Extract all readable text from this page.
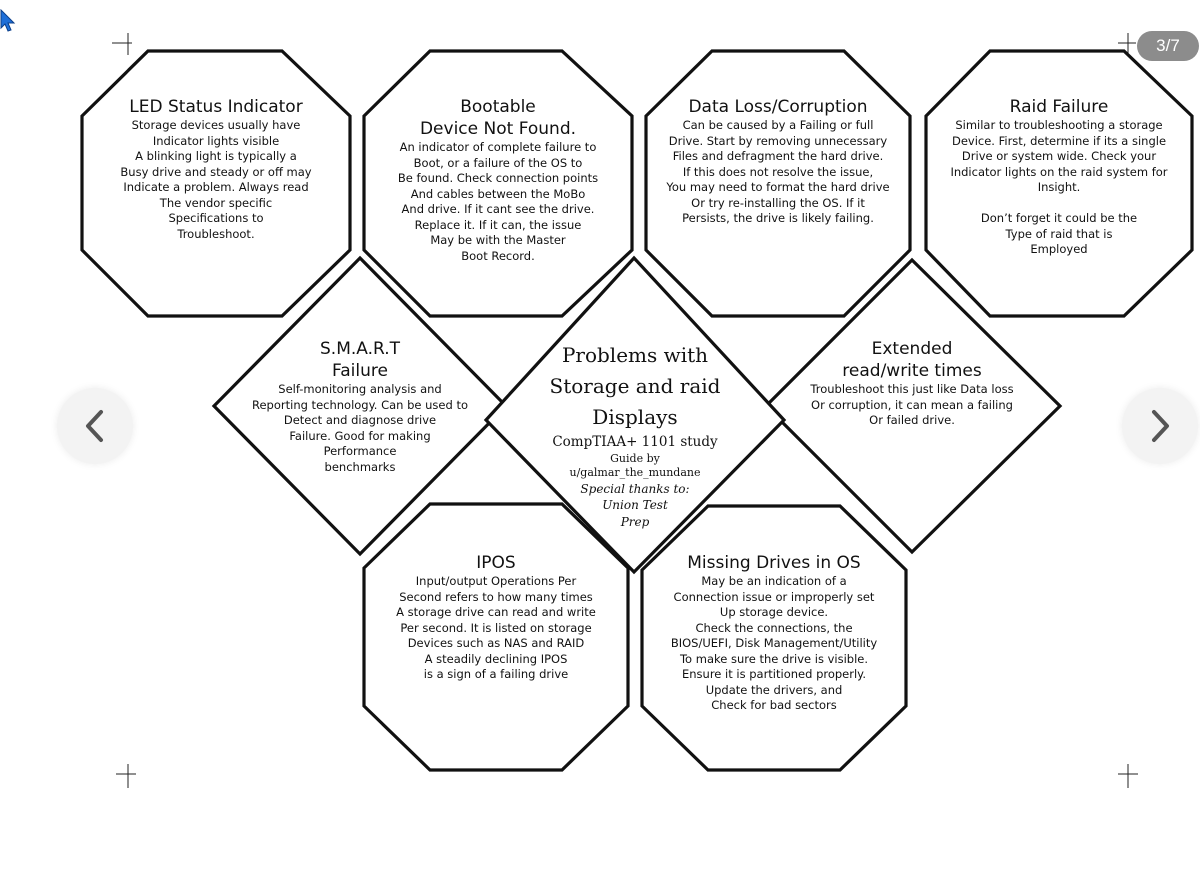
LED Status Indicator
Storage devices usually have
Indicator lights visible
A blinking light is typically a
Busy drive and steady or off may
Indicate a problem. Always read
The vendor specific
Specifications to
Troubleshoot.
Bootable
Device Not Found.
An indicator of complete failure to
Boot, or a failure of the OS to
Be found. Check connection points
And cables between the MoBo
And drive. If it cant see the drive.
Replace it. If it can, the issue
May be with the Master
Boot Record.
Data Loss/Corruption
Can be caused by a Failing or full
Drive. Start by removing unnecessary
Files and defragment the hard drive.
If this does not resolve the issue,
You may need to format the hard drive
Or try re-installing the OS. If it
Persists, the drive is likely failing.
Raid Failure
Similar to troubleshooting a storage
Device. First, determine if its a single
Drive or system wide. Check your
Indicator lights on the raid system for
Insight.

Don’t forget it could be the
Type of raid that is
Employed
S.M.A.R.T
Failure
Self-monitoring analysis and
Reporting technology. Can be used to
Detect and diagnose drive
Failure. Good for making
Performance
benchmarks
Problems with
Storage and raid
Displays
CompTIAA+ 1101 study
Guide by
u/galmar_the_mundane
Special thanks to:
Union Test
Prep
Extended
read/write times
Troubleshoot this just like Data loss
Or corruption, it can mean a failing
Or failed drive.
IPOS
Input/output Operations Per
Second refers to how many times
A storage drive can read and write
Per second. It is listed on storage
Devices such as NAS and RAID
A steadily declining IPOS
is a sign of a failing drive
Missing Drives in OS
May be an indication of a
Connection issue or improperly set
Up storage device.
Check the connections, the
BIOS/UEFI, Disk Management/Utility
To make sure the drive is visible.
Ensure it is partitioned properly.
Update the drivers, and
Check for bad sectors
3/7
